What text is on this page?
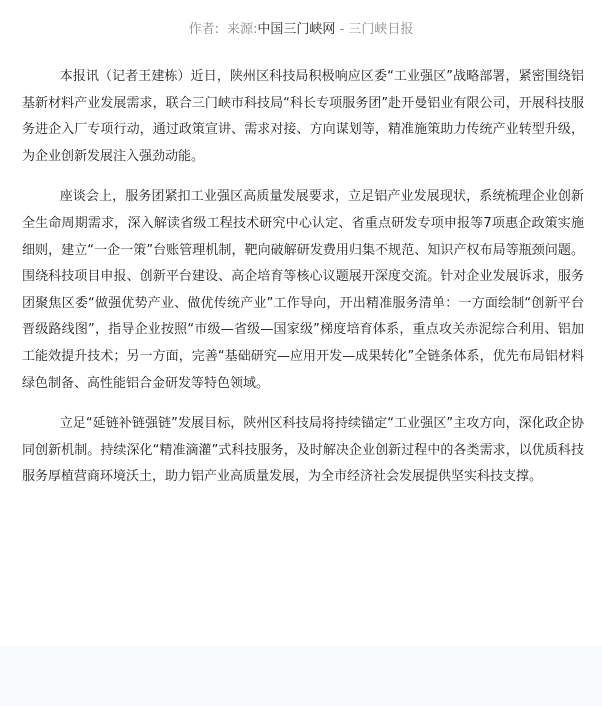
作者: 来源:中国三门峡网 - 三门峡日报

本报讯（记者王建栋）近日，陕州区科技局积极响应区委“工业强区”战略部署，紧密围绕铝基新材料产业发展需求，联合三门峡市科技局“科长专项服务团”赴开曼铝业有限公司，开展科技服务进企入厂专项行动，通过政策宣讲、需求对接、方向谋划等，精准施策助力传统产业转型升级，为企业创新发展注入强劲动能。

座谈会上，服务团紧扣工业强区高质量发展要求，立足铝产业发展现状，系统梳理企业创新全生命周期需求，深入解读省级工程技术研究中心认定、省重点研发专项申报等7项惠企政策实施细则，建立“一企一策”台账管理机制，靶向破解研发费用归集不规范、知识产权布局等瓶颈问题。围绕科技项目申报、创新平台建设、高企培育等核心议题展开深度交流。针对企业发展诉求，服务团聚焦区委“做强优势产业、做优传统产业”工作导向，开出精准服务清单：一方面绘制“创新平台晋级路线图”，指导企业按照“市级—省级—国家级”梯度培育体系，重点攻关赤泥综合利用、铝加工能效提升技术；另一方面，完善“基础研究—应用开发—成果转化”全链条体系，优先布局铝材料绿色制备、高性能铝合金研发等特色领域。

立足“延链补链强链”发展目标，陕州区科技局将持续锚定“工业强区”主攻方向，深化政企协同创新机制。持续深化“精准滴灌”式科技服务，及时解决企业创新过程中的各类需求，以优质科技服务厚植营商环境沃土，助力铝产业高质量发展，为全市经济社会发展提供坚实科技支撑。
